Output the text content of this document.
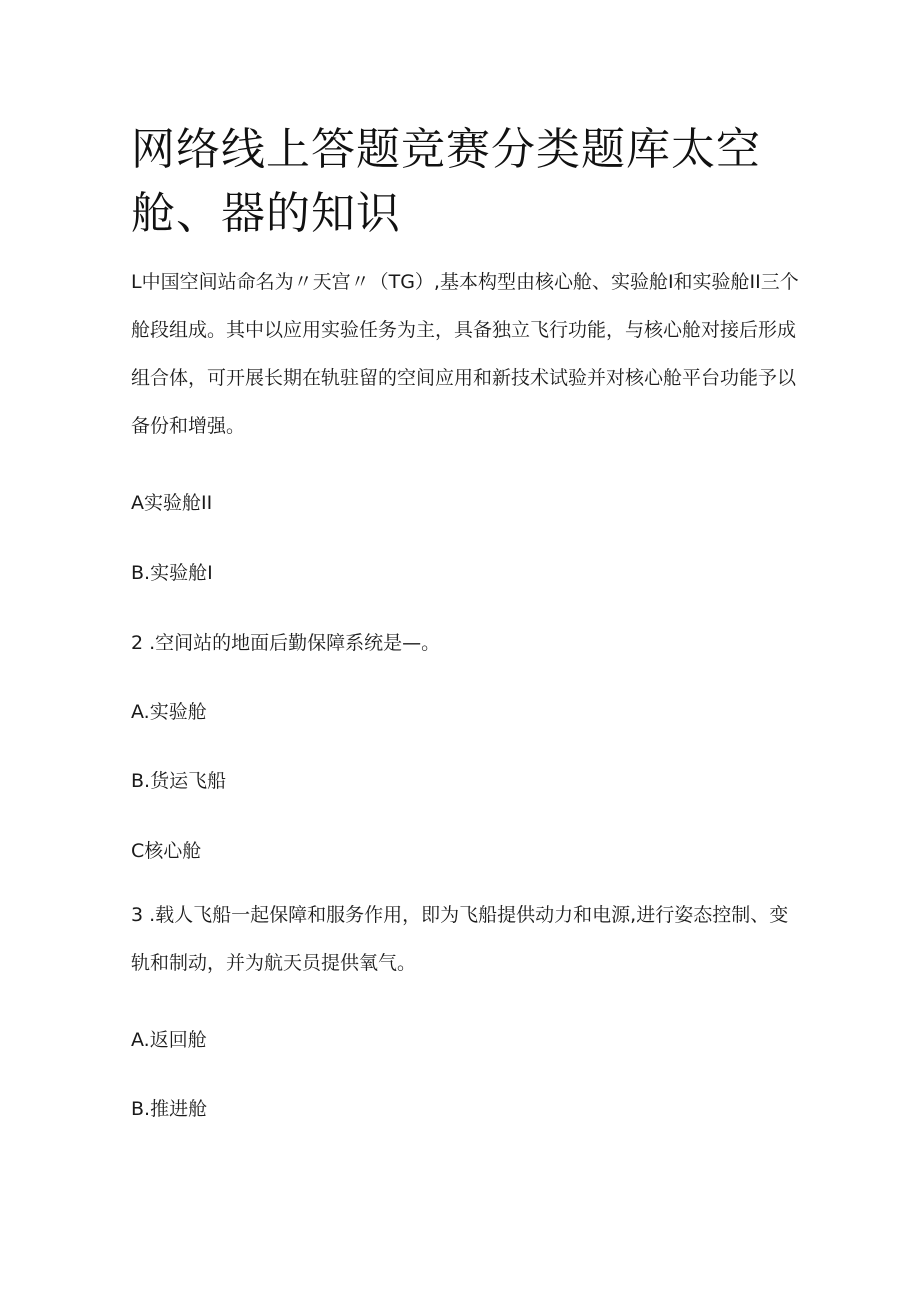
网络线上答题竞赛分类题库太空
舱、器的知识

L中国空间站命名为〃天宫〃（TG）,基本构型由核心舱、实验舱I和实验舱II三个舱段组成。其中以应用实验任务为主，具备独立飞行功能，与核心舱对接后形成组合体，可开展长期在轨驻留的空间应用和新技术试验并对核心舱平台功能予以备份和增强。

A实验舱II

B.实验舱I

2 .空间站的地面后勤保障系统是—。

A.实验舱

B.货运飞船

C核心舱

3 .载人飞船一起保障和服务作用，即为飞船提供动力和电源,进行姿态控制、变轨和制动，并为航天员提供氧气。

A.返回舱

B.推进舱
